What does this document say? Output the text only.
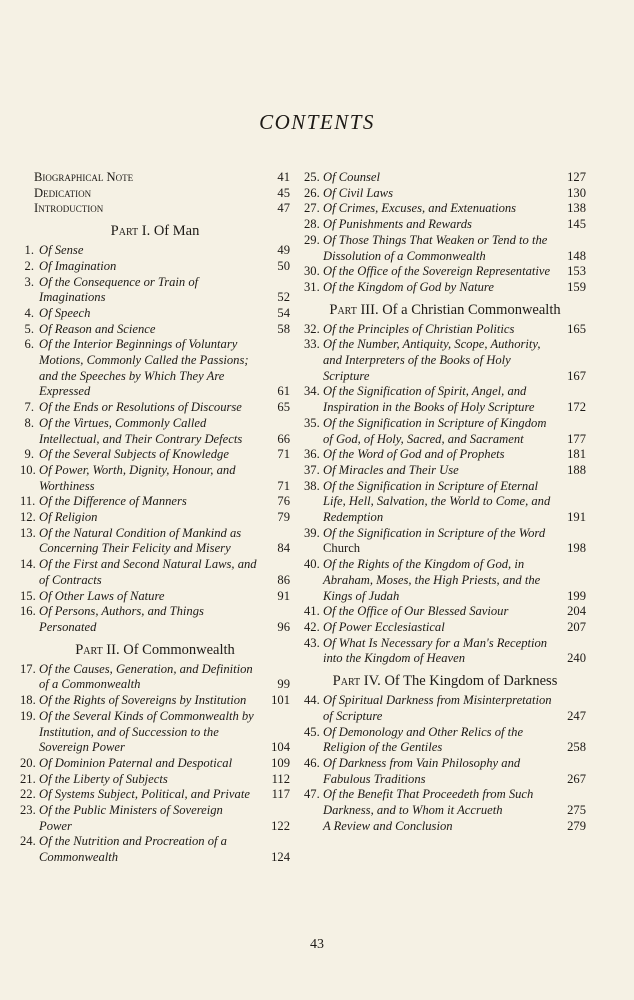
CONTENTS
Biographical Note	41
Dedication	45
Introduction	47
Part I. Of Man
1. Of Sense	49
2. Of Imagination	50
3. Of the Consequence or Train of Imaginations	52
4. Of Speech	54
5. Of Reason and Science	58
6. Of the Interior Beginnings of Voluntary Motions, Commonly Called the Passions; and the Speeches by Which They Are Expressed	61
7. Of the Ends or Resolutions of Discourse	65
8. Of the Virtues, Commonly Called Intellectual, and Their Contrary Defects	66
9. Of the Several Subjects of Knowledge	71
10. Of Power, Worth, Dignity, Honour, and Worthiness	71
11. Of the Difference of Manners	76
12. Of Religion	79
13. Of the Natural Condition of Mankind as Concerning Their Felicity and Misery	84
14. Of the First and Second Natural Laws, and of Contracts	86
15. Of Other Laws of Nature	91
16. Of Persons, Authors, and Things Personated	96
Part II. Of Commonwealth
17. Of the Causes, Generation, and Definition of a Commonwealth	99
18. Of the Rights of Sovereigns by Institution	101
19. Of the Several Kinds of Commonwealth by Institution, and of Succession to the Sovereign Power	104
20. Of Dominion Paternal and Despotical	109
21. Of the Liberty of Subjects	112
22. Of Systems Subject, Political, and Private	117
23. Of the Public Ministers of Sovereign Power	122
24. Of the Nutrition and Procreation of a Commonwealth	124
25. Of Counsel	127
26. Of Civil Laws	130
27. Of Crimes, Excuses, and Extenuations	138
28. Of Punishments and Rewards	145
29. Of Those Things That Weaken or Tend to the Dissolution of a Commonwealth	148
30. Of the Office of the Sovereign Representative	153
31. Of the Kingdom of God by Nature	159
Part III. Of a Christian Commonwealth
32. Of the Principles of Christian Politics	165
33. Of the Number, Antiquity, Scope, Authority, and Interpreters of the Books of Holy Scripture	167
34. Of the Signification of Spirit, Angel, and Inspiration in the Books of Holy Scripture	172
35. Of the Signification in Scripture of Kingdom of God, of Holy, Sacred, and Sacrament	177
36. Of the Word of God and of Prophets	181
37. Of Miracles and Their Use	188
38. Of the Signification in Scripture of Eternal Life, Hell, Salvation, the World to Come, and Redemption	191
39. Of the Signification in Scripture of the Word Church	198
40. Of the Rights of the Kingdom of God, in Abraham, Moses, the High Priests, and the Kings of Judah	199
41. Of the Office of Our Blessed Saviour	204
42. Of Power Ecclesiastical	207
43. Of What Is Necessary for a Man's Reception into the Kingdom of Heaven	240
Part IV. Of The Kingdom of Darkness
44. Of Spiritual Darkness from Misinterpretation of Scripture	247
45. Of Demonology and Other Relics of the Religion of the Gentiles	258
46. Of Darkness from Vain Philosophy and Fabulous Traditions	267
47. Of the Benefit That Proceedeth from Such Darkness, and to Whom it Accrueth	275
A Review and Conclusion	279
43
